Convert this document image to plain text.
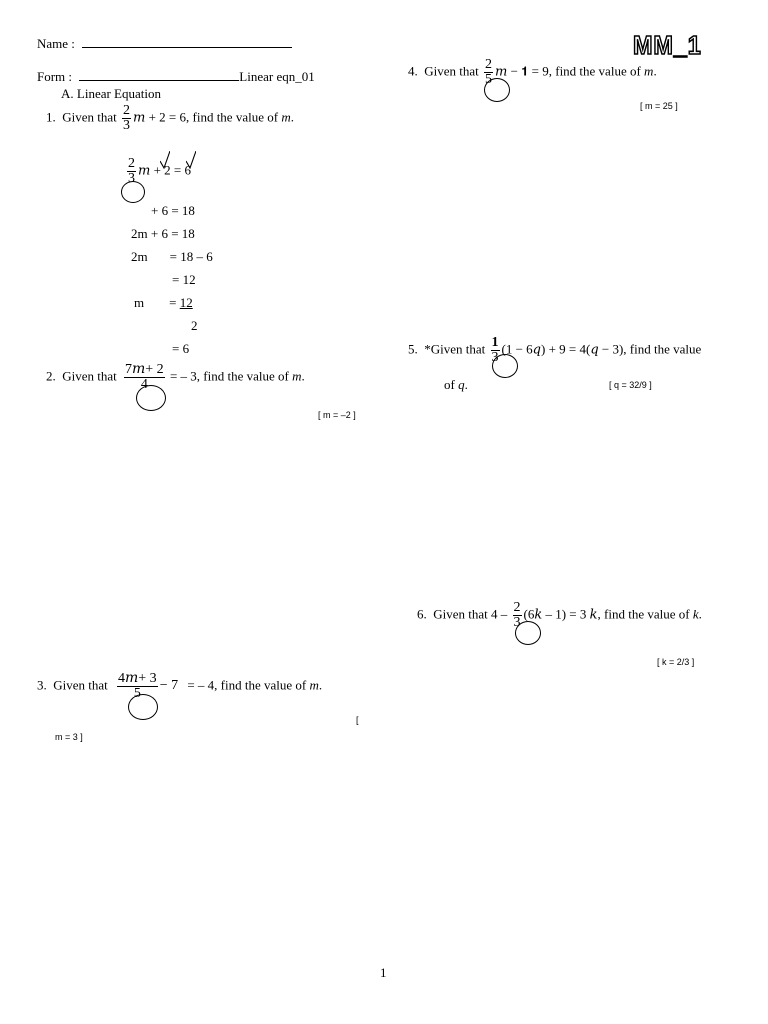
MM_1
Name :
Form :	Linear eqn_01
A. Linear Equation
1. Given that $\frac{2}{3}$ 𝑚 + 2 = 6, find the value of m.
$\frac{2}{3}$ 𝑚 + 2 = 6
+ 6 = 18
2m + 6 = 18
2m = 18 – 6
= 12
m = 12
2
= 6
2. Given that $\frac{\text{7𝑚+ 2}}{4}$ = – 3, find the value of m.
[ m = –2 ]
3. Given that $\frac{\text{4𝑚+ 3}}{5} - 7$ = – 4, find the value of m.
[
m = 3 ]
4. Given that $\frac{2}{5}$ 𝑚 − 𝟏 = 9, find the value of m.
[ m = 25 ]
5. *Given that $\frac{1}{3} (1$ − 6𝑞) + 9 = 4(𝑞 − 3), find the value
of q.	[ q = 32/9 ]
6. Given that $4 - \frac{2}{3}$ (6𝑘 – 1) = 3 𝑘, find the value of k.
[ k = 2/3 ]
1
